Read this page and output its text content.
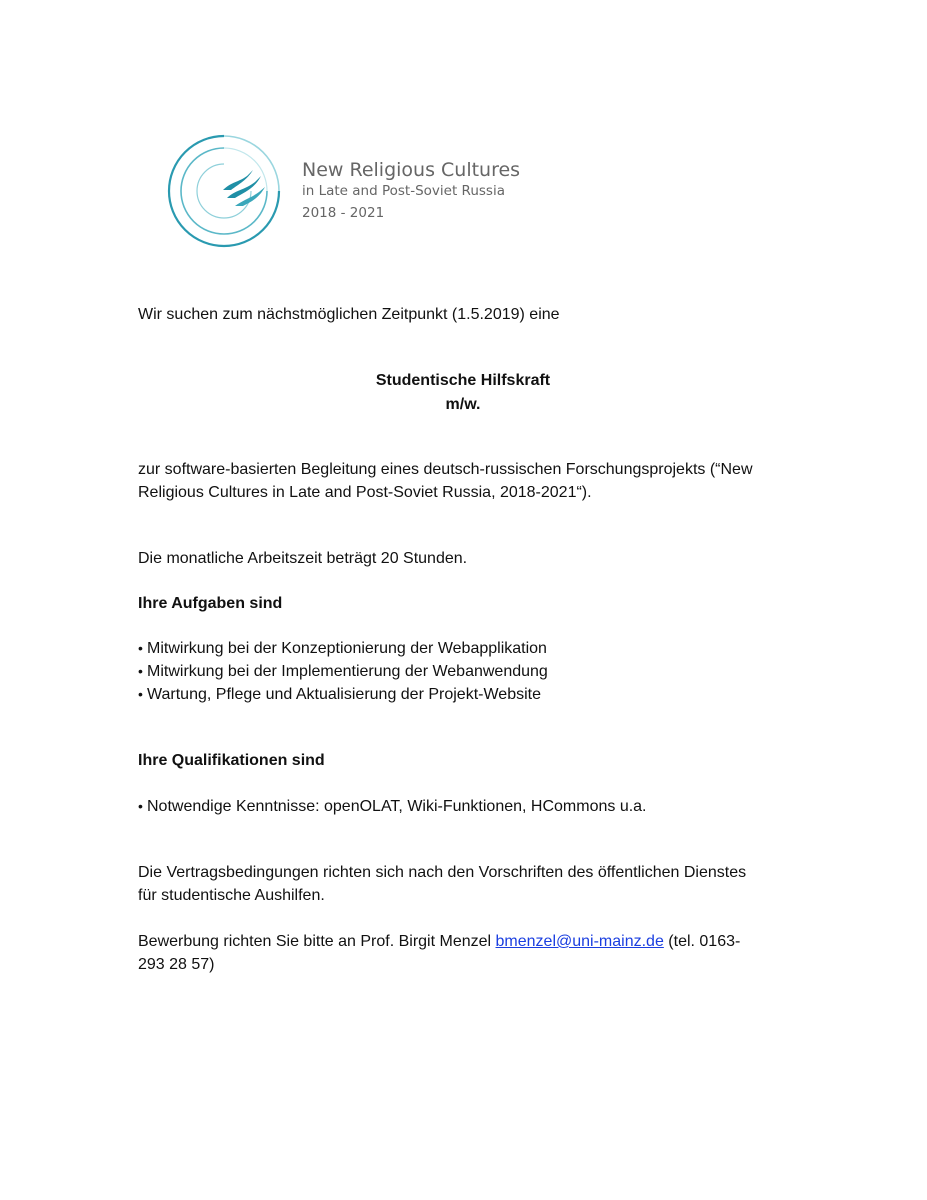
New Religious Cultures
in Late and Post-Soviet Russia
2018 - 2021
Wir suchen zum nächstmöglichen Zeitpunkt (1.5.2019) eine
Studentische Hilfskraft
m/w.
zur software-basierten Begleitung eines deutsch-russischen Forschungsprojekts (“New
Religious Cultures in Late and Post-Soviet Russia, 2018-2021“).
Die monatliche Arbeitszeit beträgt 20 Stunden.
Ihre Aufgaben sind
• Mitwirkung bei der Konzeptionierung der Webapplikation
• Mitwirkung bei der Implementierung der Webanwendung
• Wartung, Pflege und Aktualisierung der Projekt-Website
Ihre Qualifikationen sind
• Notwendige Kenntnisse: openOLAT, Wiki-Funktionen, HCommons u.a.
Die Vertragsbedingungen richten sich nach den Vorschriften des öffentlichen Dienstes
für studentische Aushilfen.
Bewerbung richten Sie bitte an Prof. Birgit Menzel bmenzel@uni-mainz.de (tel. 0163-
293 28 57)
